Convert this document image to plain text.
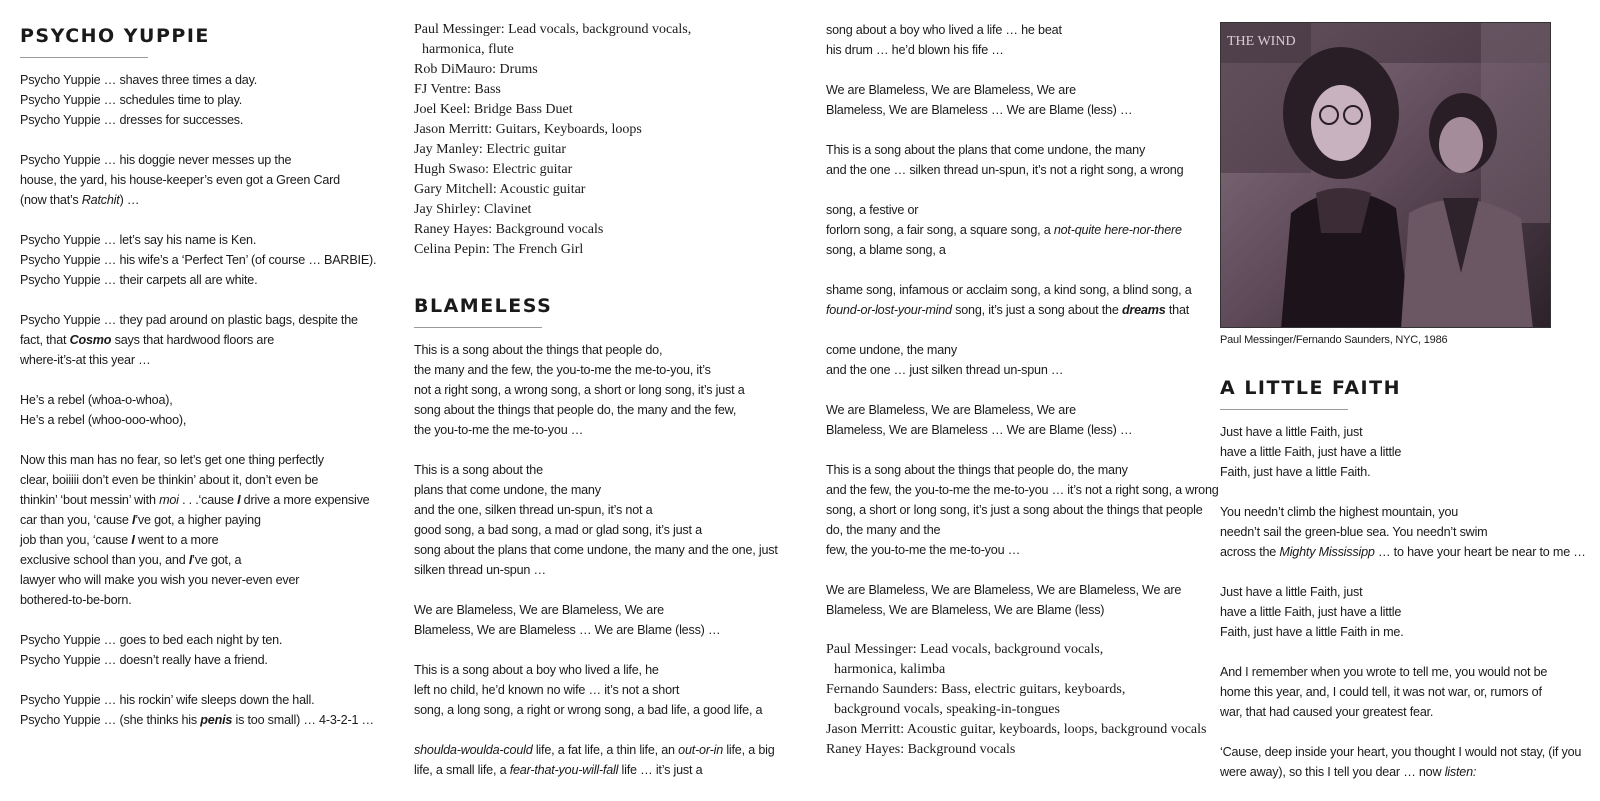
PSYCHO YUPPIE

Psycho Yuppie … shaves three times a day.
Psycho Yuppie … schedules time to play.
Psycho Yuppie … dresses for successes.

Psycho Yuppie … his doggie never messes up the
house, the yard, his house-keeper’s even got a Green Card
(now that’s Ratchit) …

Psycho Yuppie … let’s say his name is Ken.
Psycho Yuppie … his wife’s a ‘Perfect Ten’ (of course … BARBIE).
Psycho Yuppie … their carpets all are white.

Psycho Yuppie … they pad around on plastic bags, despite the
fact, that Cosmo says that hardwood floors are
where-it’s-at this year …

He’s a rebel (whoa-o-whoa),
He’s a rebel (whoo-ooo-whoo),

Now this man has no fear, so let’s get one thing perfectly
clear, boiiiii don’t even be thinkin’ about it, don’t even be
thinkin’ ‘bout messin’ with moi . . .‘cause I drive a more expensive
car than you, ‘cause I’ve got, a higher paying
job than you, ‘cause I went to a more
exclusive school than you, and I’ve got, a
lawyer who will make you wish you never-even ever
bothered-to-be-born.

Psycho Yuppie … goes to bed each night by ten.
Psycho Yuppie … doesn’t really have a friend.

Psycho Yuppie … his rockin’ wife sleeps down the hall.
Psycho Yuppie … (she thinks his penis is too small) … 4-3-2-1 …

Paul Messinger: Lead vocals, background vocals,
harmonica, flute
Rob DiMauro: Drums
FJ Ventre: Bass
Joel Keel: Bridge Bass Duet
Jason Merritt: Guitars, Keyboards, loops
Jay Manley: Electric guitar
Hugh Swaso: Electric guitar
Gary Mitchell: Acoustic guitar
Jay Shirley: Clavinet
Raney Hayes: Background vocals
Celina Pepin: The French Girl
BLAMELESS

This is a song about the things that people do,
the many and the few, the you-to-me the me-to-you, it’s
not a right song, a wrong song, a short or long song, it’s just a
song about the things that people do, the many and the few,
the you-to-me the me-to-you …

This is a song about the
plans that come undone, the many
and the one, silken thread un-spun, it’s not a
good song, a bad song, a mad or glad song, it’s just a
song about the plans that come undone, the many and the one, just
silken thread un-spun …

We are Blameless, We are Blameless, We are
Blameless, We are Blameless … We are Blame (less) …

This is a song about a boy who lived a life, he
left no child, he’d known no wife … it’s not a short
song, a long song, a right or wrong song, a bad life, a good life, a

shoulda-woulda-could life, a fat life, a thin life, an out-or-in life, a big
life, a small life, a fear-that-you-will-fall life … it’s just a

song about a boy who lived a life … he beat
his drum … he’d blown his fife …

We are Blameless, We are Blameless, We are
Blameless, We are Blameless … We are Blame (less) …

This is a song about the plans that come undone, the many
and the one … silken thread un-spun, it’s not a right song, a wrong

song, a festive or
forlorn song, a fair song, a square song, a not-quite here-nor-there
song, a blame song, a

shame song, infamous or acclaim song, a kind song, a blind song, a
found-or-lost-your-mind song, it’s just a song about the dreams that

come undone, the many
and the one … just silken thread un-spun …

We are Blameless, We are Blameless, We are
Blameless, We are Blameless … We are Blame (less) …

This is a song about the things that people do, the many
and the few, the you-to-me the me-to-you … it’s not a right song, a wrong
song, a short or long song, it’s just a song about the things that people
do, the many and the
few, the you-to-me the me-to-you …

We are Blameless, We are Blameless, We are Blameless, We are
Blameless, We are Blameless, We are Blame (less)

Paul Messinger: Lead vocals, background vocals,
harmonica, kalimba
Fernando Saunders: Bass, electric guitars, keyboards,
background vocals, speaking-in-tongues
Jason Merritt: Acoustic guitar, keyboards, loops, background vocals
Raney Hayes: Background vocals
THE WIND
Paul Messinger/Fernando Saunders, NYC, 1986
A LITTLE FAITH

Just have a little Faith, just
have a little Faith, just have a little
Faith, just have a little Faith.

You needn’t climb the highest mountain, you
needn’t sail the green-blue sea. You needn’t swim
across the Mighty Mississipp … to have your heart be near to me …

Just have a little Faith, just
have a little Faith, just have a little
Faith, just have a little Faith in me.

And I remember when you wrote to tell me, you would not be
home this year, and, I could tell, it was not war, or, rumors of
war, that had caused your greatest fear.

‘Cause, deep inside your heart, you thought I would not stay, (if you
were away), so this I tell you dear … now listen:
